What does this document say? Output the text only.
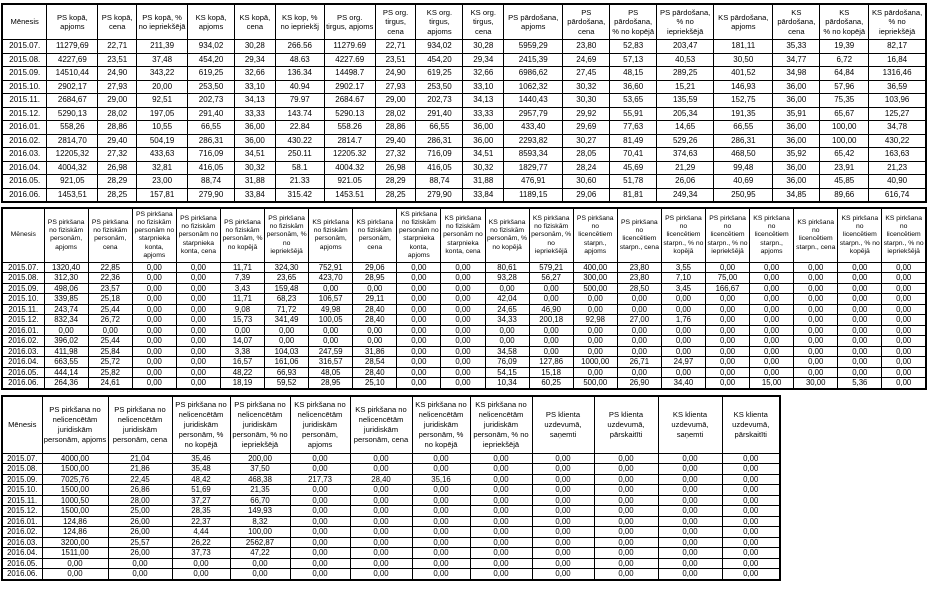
Mēnesis	PS kopā, apjoms	PS kopā, cena	PS kopā, % no iepriekšējā	KS kopā, apjoms	KS kopā, cena	KS kop, % no iepriekšj	PS org. tirgus, apjoms	PS org. tirgus, cena	KS org. tirgus, apjoms	KS org. tirgus, cena	PS pārdošana, apjoms	PS pārdošana, cena	PS pārdošana, % no kopējā	PS pārdošana, % no iepriekšējā	KS pārdošana, apjoms	KS pārdošana, cena	KS pārdošana, % no kopējā	KS pārdošana, % no iepriekšējā
2015.07.	11279,69	22,71	211,39	934,02	30,28	266.56	11279.69	22,71	934,02	30,28	5959,29	23,80	52,83	203,47	181,11	35,33	19,39	82,17
2015.08.	4227,69	23,51	37,48	454,20	29,34	48.63	4227.69	23,51	454,20	29,34	2415,39	24,69	57,13	40,53	30,50	34,77	6,72	16,84
2015.09.	14510,44	24,90	343,22	619,25	32,66	136.34	14498.7	24,90	619,25	32,66	6986,62	27,45	48,15	289,25	401,52	34,98	64,84	1316,46
2015.10.	2902,17	27,93	20,00	253,50	33,10	40.94	2902.17	27,93	253,50	33,10	1062,32	30,32	36,60	15,21	146,93	36,00	57,96	36,59
2015.11.	2684,67	29,00	92,51	202,73	34,13	79.97	2684.67	29,00	202,73	34,13	1440,43	30,30	53,65	135,59	152,75	36,00	75,35	103,96
2015.12.	5290,13	28,02	197,05	291,40	33,33	143.74	5290.13	28,02	291,40	33,33	2957,79	29,92	55,91	205,34	191,35	35,91	65,67	125,27
2016.01.	558,26	28,86	10,55	66,55	36,00	22.84	558.26	28,86	66,55	36,00	433,40	29,69	77,63	14,65	66,55	36,00	100,00	34,78
2016.02.	2814,70	29,40	504,19	286,31	36,00	430.22	2814.7	29,40	286,31	36,00	2293,82	30,27	81,49	529,26	286,31	36,00	100,00	430,22
2016.03.	12205,32	27,32	433,63	716,09	34,51	250.11	12205.32	27,32	716,09	34,51	8593,34	28,05	70,41	374,63	468,50	35,92	65,42	163,63
2016.04.	4004,32	26,98	32,81	416,05	30,32	58.1	4004.32	26,98	416,05	30,32	1829,77	28,24	45,69	21,29	99,48	36,00	23,91	21,23
2016.05.	921,05	28,29	23,00	88,74	31,88	21.33	921.05	28,29	88,74	31,88	476,91	30,60	51,78	26,06	40,69	36,00	45,85	40,90
2016.06.	1453,51	28,25	157,81	279,90	33,84	315.42	1453.51	28,25	279,90	33,84	1189,15	29,06	81,81	249,34	250,95	34,85	89,66	616,74
Mēnesis	PS pirkšana no fiziskām personām, apjoms	PS pirkšana no fiziskām personām, cena	PS pirkšana no fiziskām personām no starpnieka konta, apjoms	PS pirkšana no fiziskām personām no starpnieka konta, cena	PS pirkšana no fiziskām personām, % no kopējā	PS pirkšana no fiziskām personām, % no iepriekšējā	KS pirkšana no fiziskām personām, apjoms	KS pirkšana no fiziskām personām, cena	KS pirkšana no fiziskām personām no starpnieka konta, apjoms	KS pirkšana no fiziskām personām no starpnieka konta, cena	KS pirkšana no fiziskām personām, % no kopējā	KS pirkšana no fiziskām personām, % no iepriekšējā	PS pirkšana no licencētiem starpn., apjoms	PS pirkšana no licencētiem starpn., cena	PS pirkšana no licencētiem starpn., % no kopējā	PS pirkšana no licencētiem starpn., % no iepriekšējā	KS pirkšana no licencētiem starpn., apjoms	KS pirkšana no licencētiem starpn., cena	KS pirkšana no licencētiem starpn., % no kopējā	KS pirkšana no licencētiem starpn., % no iepriekšējā
2015.07.	1320,40	22,85	0,00	0,00	11,71	324,30	752,91	29,06	0,00	0,00	80,61	579,21	400,00	23,80	3,55	0,00	0,00	0,00	0,00	0,00
2015.08.	312,30	22,36	0,00	0,00	7,39	23,65	423,70	28,95	0,00	0,00	93,28	56,27	300,00	23,80	7,10	75,00	0,00	0,00	0,00	0,00
2015.09.	498,06	23,57	0,00	0,00	3,43	159,48	0,00	0,00	0,00	0,00	0,00	0,00	500,00	28,50	3,45	166,67	0,00	0,00	0,00	0,00
2015.10.	339,85	25,18	0,00	0,00	11,71	68,23	106,57	29,11	0,00	0,00	42,04	0,00	0,00	0,00	0,00	0,00	0,00	0,00	0,00	0,00
2015.11.	243,74	25,44	0,00	0,00	9,08	71,72	49,98	28,40	0,00	0,00	24,65	46,90	0,00	0,00	0,00	0,00	0,00	0,00	0,00	0,00
2015.12.	832,34	26,72	0,00	0,00	15,73	341,49	100,05	28,40	0,00	0,00	34,33	200,18	92,98	27,00	1,76	0,00	0,00	0,00	0,00	0,00
2016.01.	0,00	0,00	0,00	0,00	0,00	0,00	0,00	0,00	0,00	0,00	0,00	0,00	0,00	0,00	0,00	0,00	0,00	0,00	0,00	0,00
2016.02.	396,02	25,44	0,00	0,00	14,07	0,00	0,00	0,00	0,00	0,00	0,00	0,00	0,00	0,00	0,00	0,00	0,00	0,00	0,00	0,00
2016.03.	411,98	25,84	0,00	0,00	3,38	104,03	247,59	31,86	0,00	0,00	34,58	0,00	0,00	0,00	0,00	0,00	0,00	0,00	0,00	0,00
2016.04.	663,55	25,72	0,00	0,00	16,57	161,06	316,57	28,54	0,00	0,00	76,09	127,86	1000,00	26,71	24,97	0,00	0,00	0,00	0,00	0,00
2016.05.	444,14	25,82	0,00	0,00	48,22	66,93	48,05	28,40	0,00	0,00	54,15	15,18	0,00	0,00	0,00	0,00	0,00	0,00	0,00	0,00
2016.06.	264,36	24,61	0,00	0,00	18,19	59,52	28,95	25,10	0,00	0,00	10,34	60,25	500,00	26,90	34,40	0,00	15,00	30,00	5,36	0,00
Mēnesis	PS pirkšana no nelicencētām juridiskām personām, apjoms	PS pirkšana no nelicencētām juridiskām personām, cena	PS pirkšana no nelicencētām juridiskām personām, % no kopējā	PS pirkšana no nelicencētām juridiskām personām, % no iepriekšējā	KS pirkšana no nelicencētām juridiskām personām, apjoms	KS pirkšana no nelicencētām juridiskām personām, cena	KS pirkšana no nelicencētām juridiskām personām, % no kopējā	KS pirkšana no nelicencētām juridiskām personām, % no iepriekšējā	PS klienta uzdevumā, saņemti	PS klienta uzdevumā, pārskaitīti	KS klienta uzdevumā, saņemti	KS klienta uzdevumā, pārskaitīti
2015.07.	4000,00	21,04	35,46	200,00	0,00	0,00	0,00	0,00	0,00	0,00	0,00	0,00
2015.08.	1500,00	21,86	35,48	37,50	0,00	0,00	0,00	0,00	0,00	0,00	0,00	0,00
2015.09.	7025,76	22,45	48,42	468,38	217,73	28,40	35,16	0,00	0,00	0,00	0,00	0,00
2015.10.	1500,00	26,86	51,69	21,35	0,00	0,00	0,00	0,00	0,00	0,00	0,00	0,00
2015.11.	1000,50	28,00	37,27	66,70	0,00	0,00	0,00	0,00	0,00	0,00	0,00	0,00
2015.12.	1500,00	25,00	28,35	149,93	0,00	0,00	0,00	0,00	0,00	0,00	0,00	0,00
2016.01.	124,86	26,00	22,37	8,32	0,00	0,00	0,00	0,00	0,00	0,00	0,00	0,00
2016.02.	124,86	26,00	4,44	100,00	0,00	0,00	0,00	0,00	0,00	0,00	0,00	0,00
2016.03.	3200,00	25,57	26,22	2562,87	0,00	0,00	0,00	0,00	0,00	0,00	0,00	0,00
2016.04.	1511,00	26,00	37,73	47,22	0,00	0,00	0,00	0,00	0,00	0,00	0,00	0,00
2016.05.	0,00	0,00	0,00	0,00	0,00	0,00	0,00	0,00	0,00	0,00	0,00	0,00
2016.06.	0,00	0,00	0,00	0,00	0,00	0,00	0,00	0,00	0,00	0,00	0,00	0,00
